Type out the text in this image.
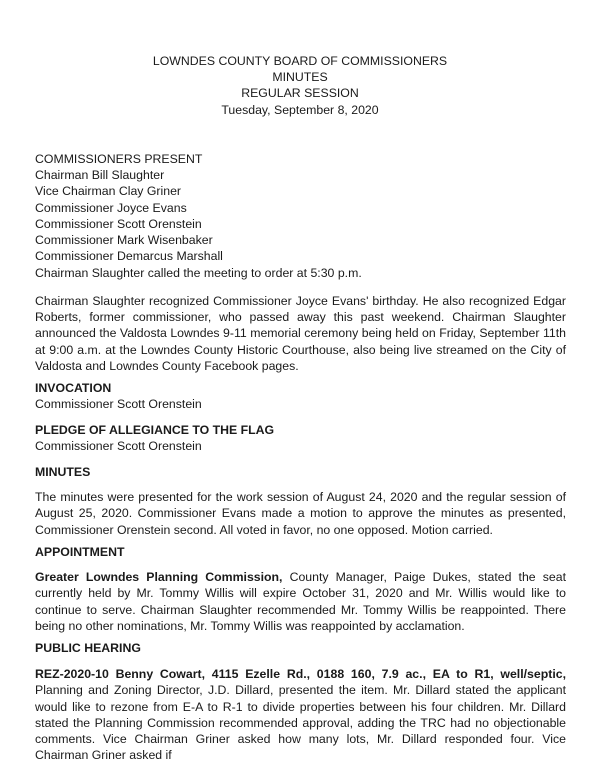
LOWNDES COUNTY BOARD OF COMMISSIONERS
MINUTES
REGULAR SESSION
Tuesday, September 8, 2020
COMMISSIONERS PRESENT
Chairman Bill Slaughter
Vice Chairman Clay Griner
Commissioner Joyce Evans
Commissioner Scott Orenstein
Commissioner Mark Wisenbaker
Commissioner Demarcus Marshall
Chairman Slaughter called the meeting to order at 5:30 p.m.
Chairman Slaughter recognized Commissioner Joyce Evans' birthday. He also recognized Edgar Roberts, former commissioner, who passed away this past weekend. Chairman Slaughter announced the Valdosta Lowndes 9-11 memorial ceremony being held on Friday, September 11th at 9:00 a.m. at the Lowndes County Historic Courthouse, also being live streamed on the City of Valdosta and Lowndes County Facebook pages.
INVOCATION
Commissioner Scott Orenstein
PLEDGE OF ALLEGIANCE TO THE FLAG
Commissioner Scott Orenstein
MINUTES
The minutes were presented for the work session of August 24, 2020 and the regular session of August 25, 2020. Commissioner Evans made a motion to approve the minutes as presented, Commissioner Orenstein second. All voted in favor, no one opposed. Motion carried.
APPOINTMENT

Greater Lowndes Planning Commission, County Manager, Paige Dukes, stated the seat currently held by Mr. Tommy Willis will expire October 31, 2020 and Mr. Willis would like to continue to serve. Chairman Slaughter recommended Mr. Tommy Willis be reappointed. There being no other nominations, Mr. Tommy Willis was reappointed by acclamation.

PUBLIC HEARING

REZ-2020-10 Benny Cowart, 4115 Ezelle Rd., 0188 160, 7.9 ac., EA to R1, well/septic, Planning and Zoning Director, J.D. Dillard, presented the item. Mr. Dillard stated the applicant would like to rezone from E-A to R-1 to divide properties between his four children. Mr. Dillard stated the Planning Commission recommended approval, adding the TRC had no objectionable comments. Vice Chairman Griner asked how many lots, Mr. Dillard responded four. Vice Chairman Griner asked if
